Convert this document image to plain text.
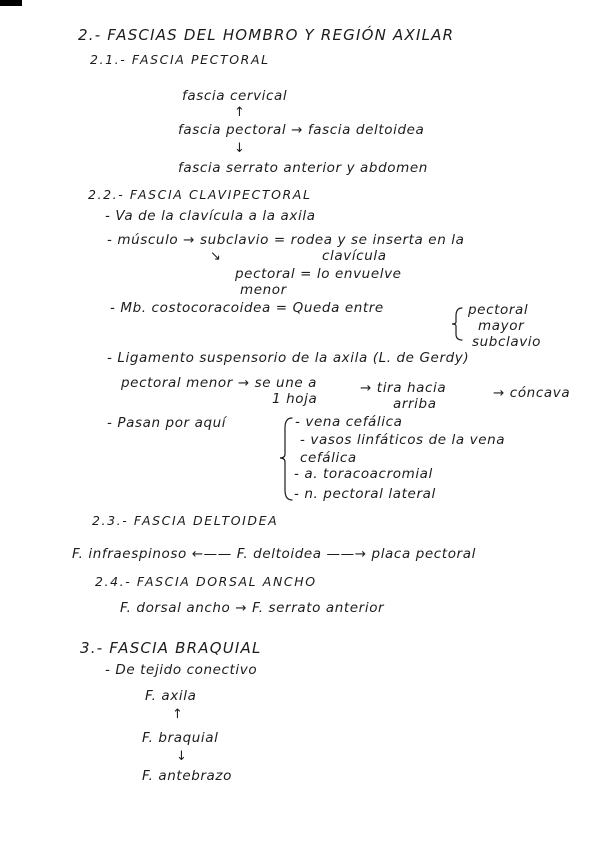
2.- FASCIAS DEL HOMBRO Y REGIÓN AXILAR
2.1.- FASCIA PECTORAL
fascia cervical
↑
fascia pectoral → fascia deltoidea
↓
fascia serrato anterior y abdomen
2.2.- FASCIA CLAVIPECTORAL
- Va de la clavícula a la axila
- músculo → subclavio = rodea y se inserta en la
clavícula
↘
pectoral = lo envuelve
menor
- Mb. costocoracoidea = Queda entre	pectoral
mayor
subclavio
- Ligamento suspensorio de la axila (L. de Gerdy)
pectoral menor → se une a	→ tira hacia	→ cóncava
1 hoja	arriba
- Pasan por aquí	- vena cefálica
- vasos linfáticos de la vena
cefálica
- a. toracoacromial
- n. pectoral lateral
2.3.- FASCIA DELTOIDEA
F. infraespinoso ←—— F. deltoidea ——→ placa pectoral
2.4.- FASCIA DORSAL ANCHO
F. dorsal ancho → F. serrato anterior
3.- FASCIA BRAQUIAL
- De tejido conectivo
F. axila
↑
F. braquial
↓
F. antebrazo
